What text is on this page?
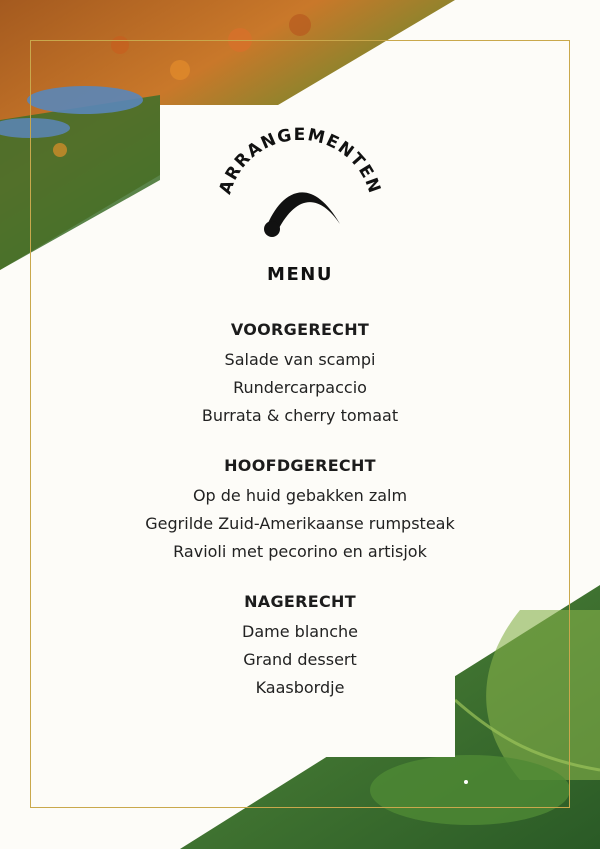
ARRANGEMENTEN
MENU
VOORGERECHT
Salade van scampi
Rundercarpaccio
Burrata & cherry tomaat
HOOFDGERECHT
Op de huid gebakken zalm
Gegrilde Zuid-Amerikaanse rumpsteak
Ravioli met pecorino en artisjok
NAGERECHT
Dame blanche
Grand dessert
Kaasbordje
